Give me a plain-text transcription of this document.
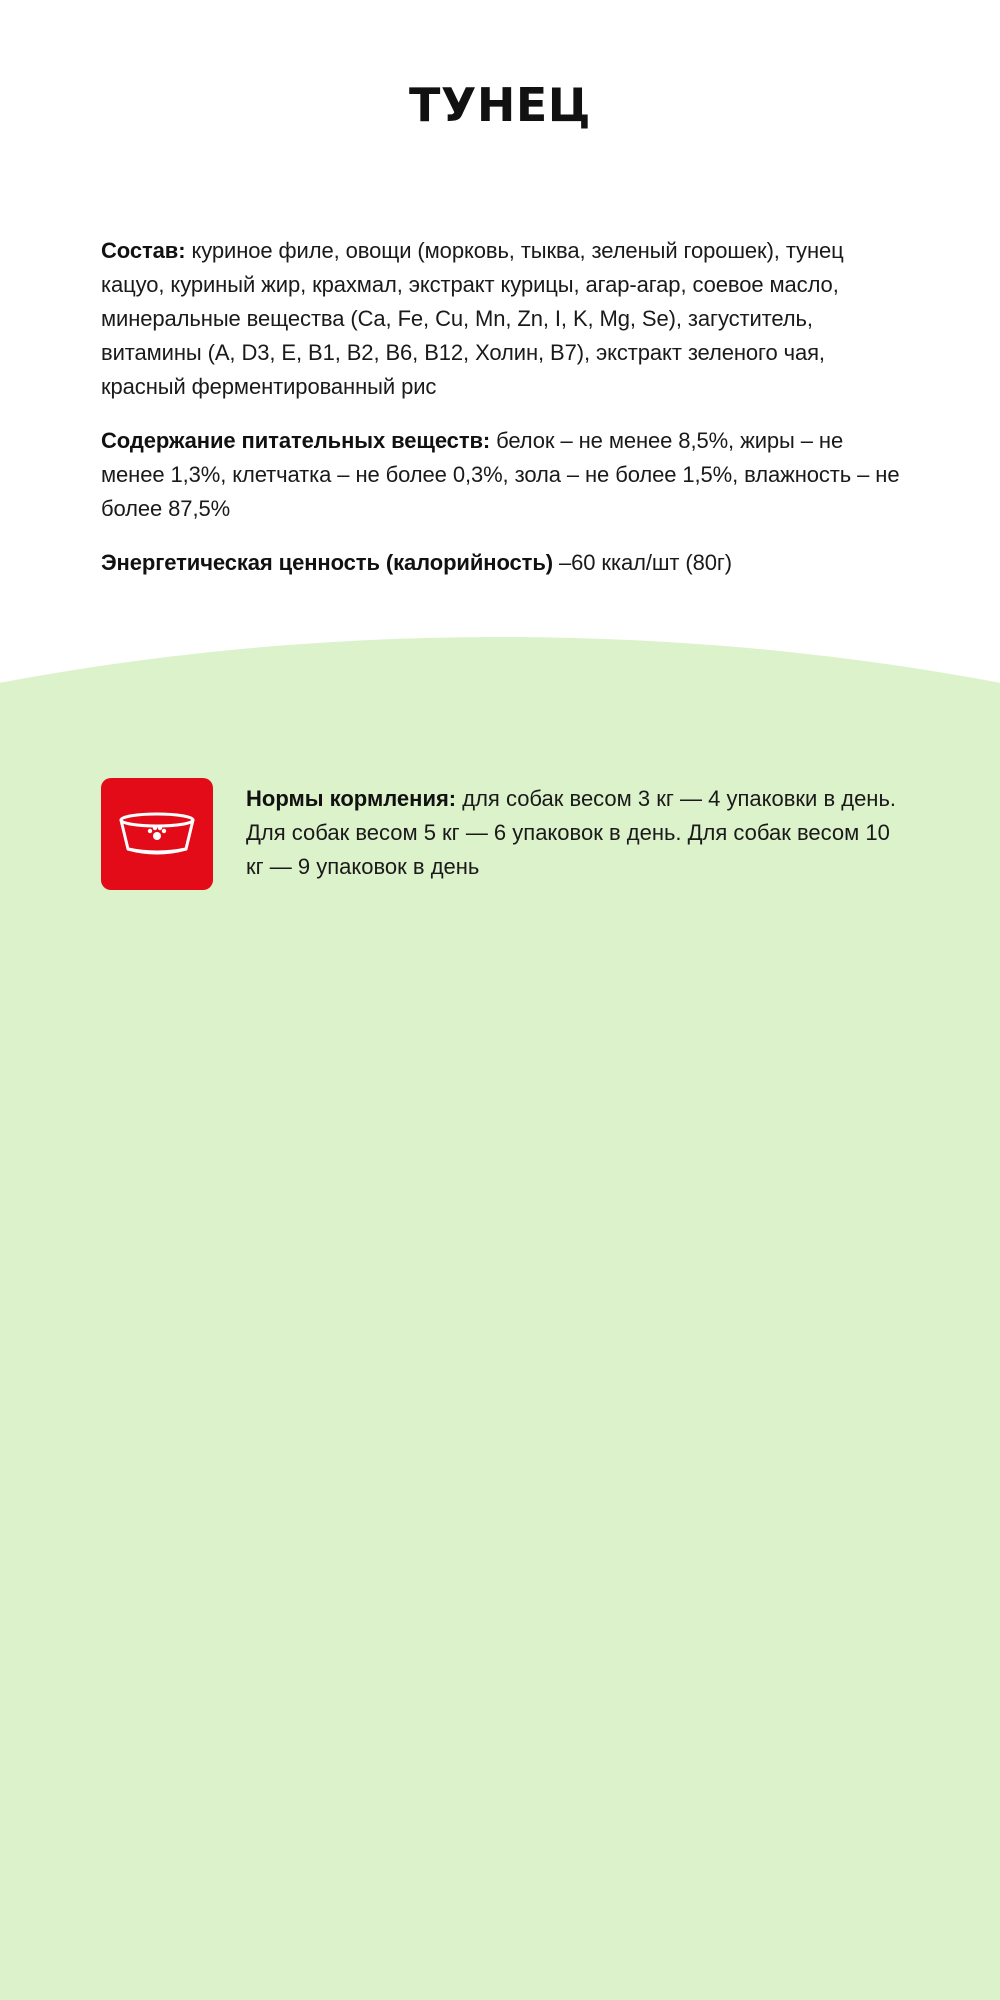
ТУНЕЦ

Состав: куриное филе, овощи (морковь, тыква, зеленый горошек), тунец кацуо, куриный жир, крахмал, экстракт курицы, агар-агар, соевое масло, минеральные вещества (Ca, Fe, Cu, Mn, Zn, I, K, Mg, Se), загуститель, витамины (A, D3, E, B1, B2, B6, B12, Холин, B7), экстракт зеленого чая, красный ферментированный рис

Содержание питательных веществ: белок – не менее 8,5%, жиры – не менее 1,3%, клетчатка – не более 0,3%, зола – не более 1,5%, влажность – не более 87,5%

Энергетическая ценность (калорийность) –60 ккал/шт (80г)

Нормы кормления: для собак весом 3 кг — 4 упаковки в день. Для собак весом 5 кг — 6 упаковок в день. Для собак весом 10 кг — 9 упаковок в день
